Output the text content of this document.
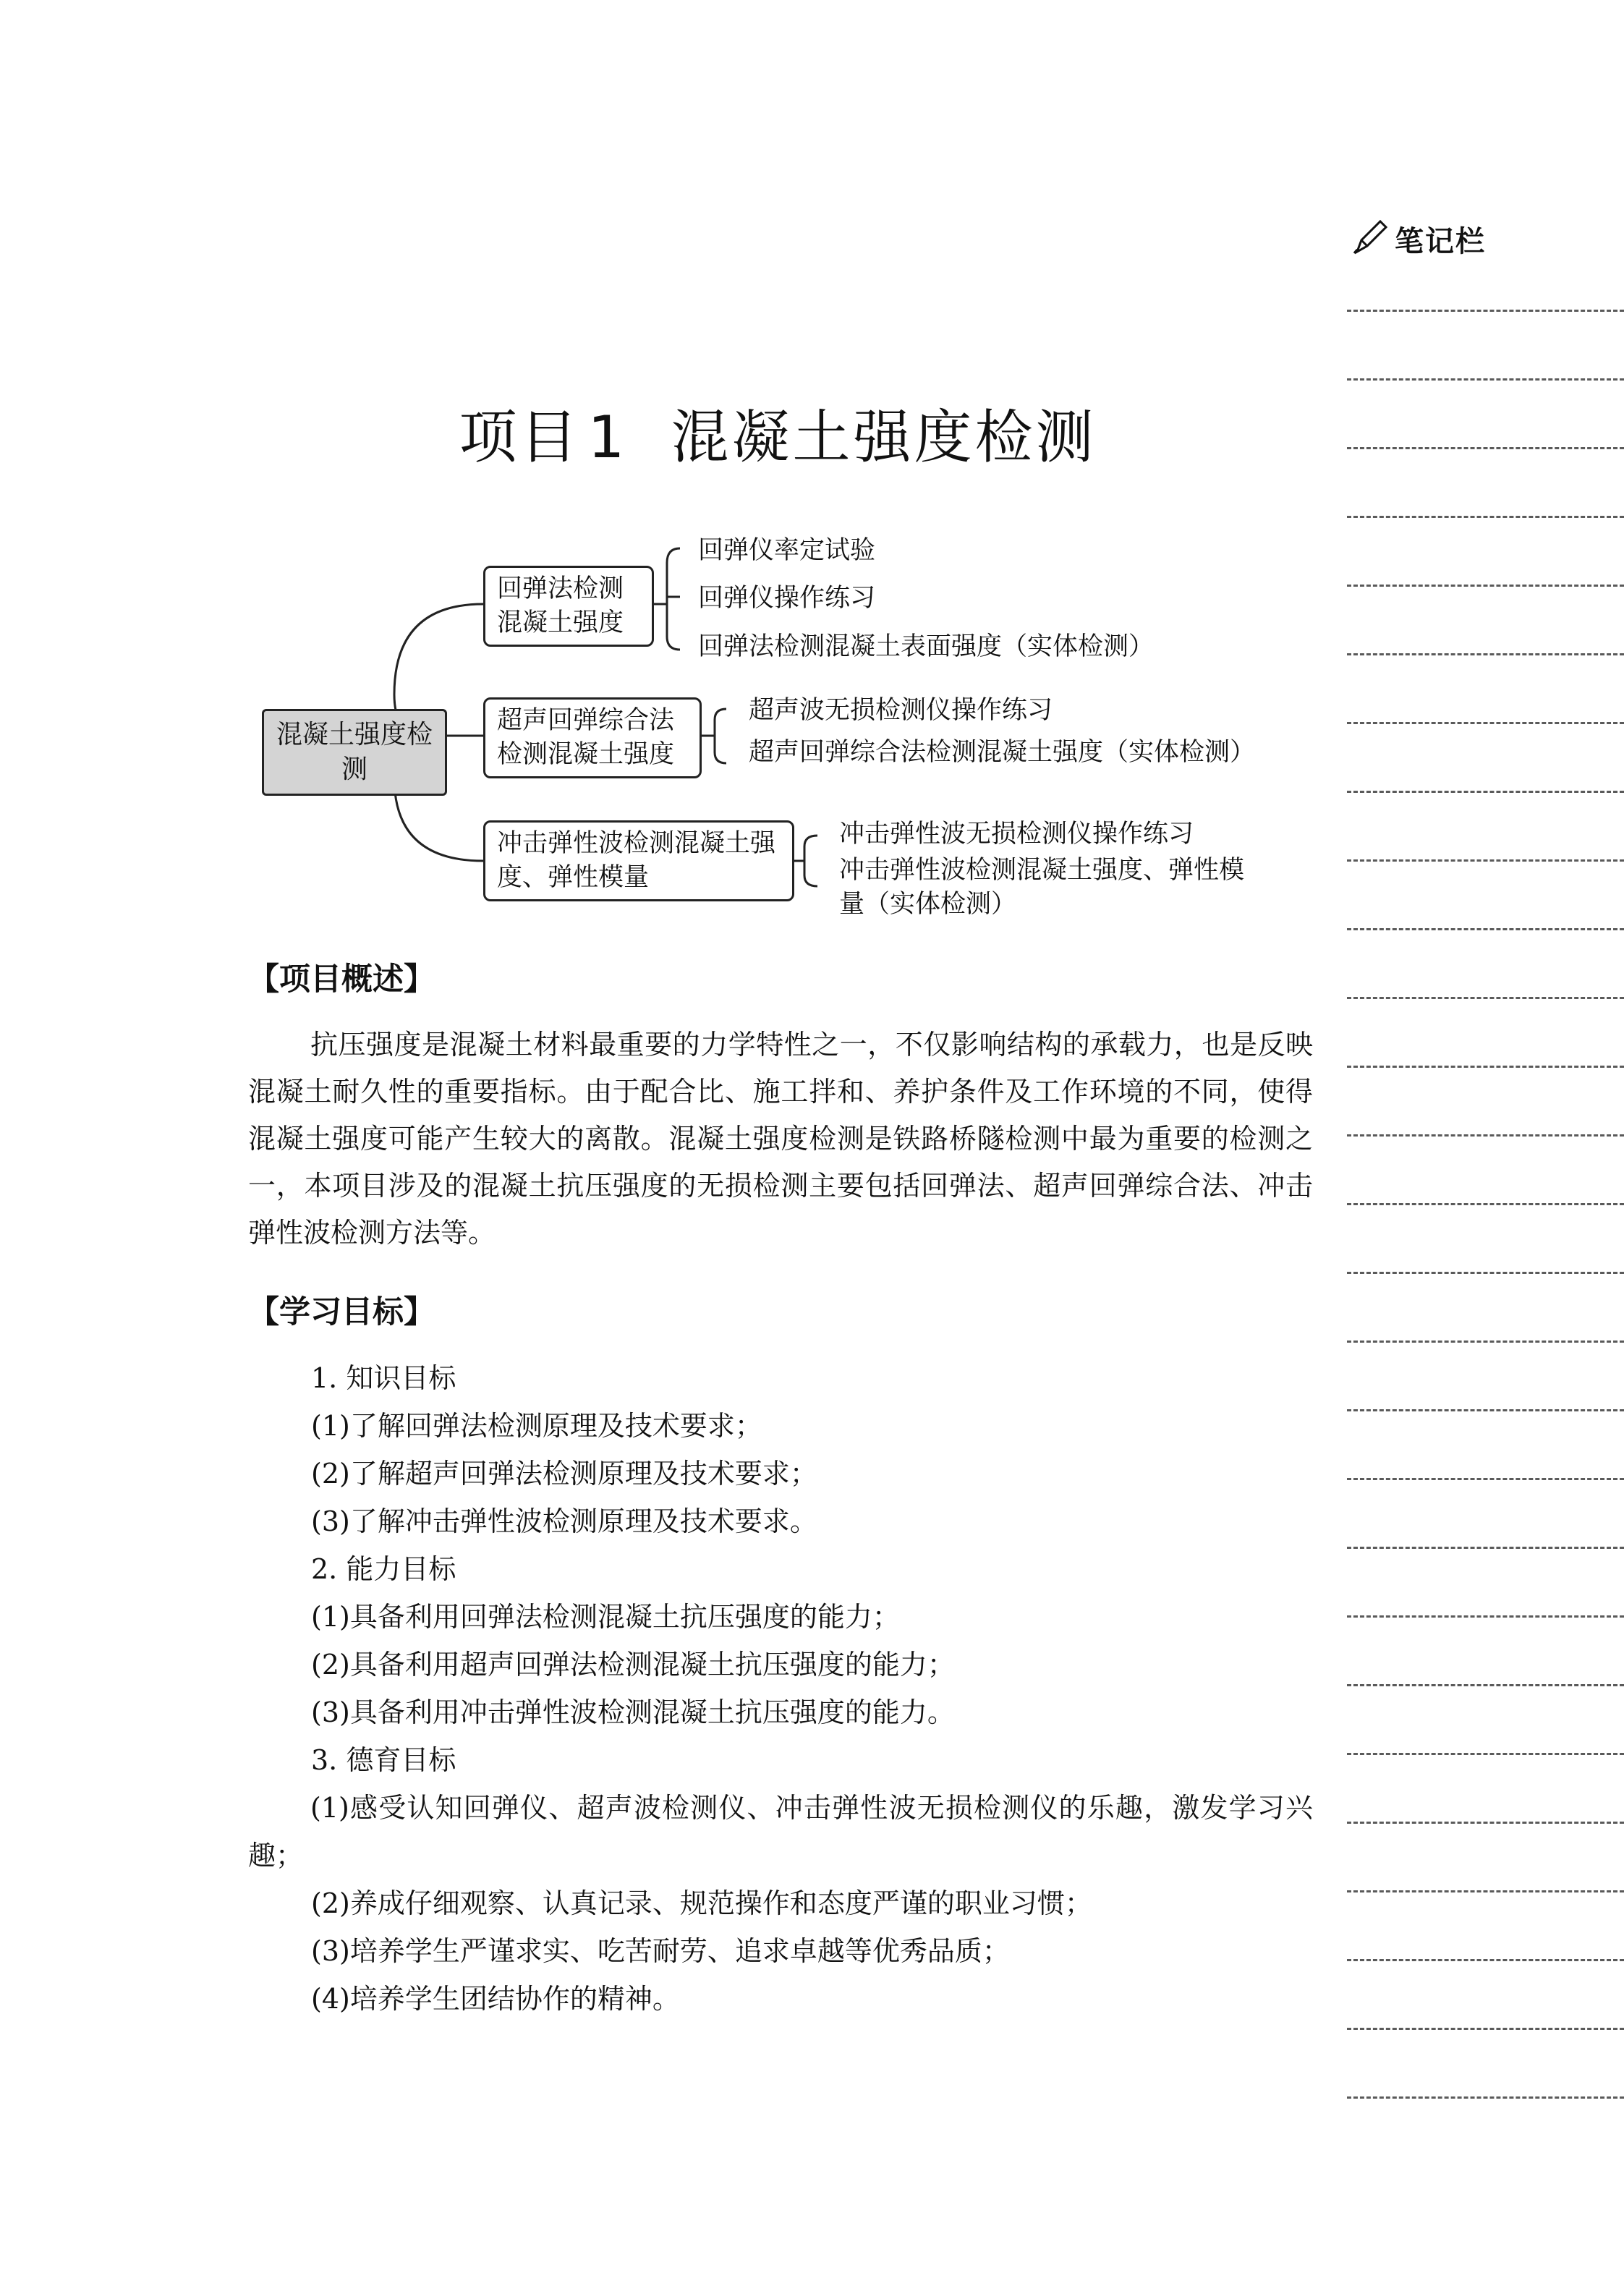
笔记栏
项目 1 混凝土强度检测
混凝土强度检测
回弹法检测混凝土强度
超声回弹综合法检测混凝土强度
冲击弹性波检测混凝土强度、弹性模量
回弹仪率定试验
回弹仪操作练习
回弹法检测混凝土表面强度（实体检测）
超声波无损检测仪操作练习
超声回弹综合法检测混凝土强度（实体检测）
冲击弹性波无损检测仪操作练习
冲击弹性波检测混凝土强度、弹性模量（实体检测）
【项目概述】

抗压强度是混凝土材料最重要的力学特性之一，不仅影响结构的承载力，也是反映混凝土耐久性的重要指标。由于配合比、施工拌和、养护条件及工作环境的不同，使得混凝土强度可能产生较大的离散。混凝土强度检测是铁路桥隧检测中最为重要的检测之一，本项目涉及的混凝土抗压强度的无损检测主要包括回弹法、超声回弹综合法、冲击弹性波检测方法等。

【学习目标】
1. 知识目标
(1)了解回弹法检测原理及技术要求；
(2)了解超声回弹法检测原理及技术要求；
(3)了解冲击弹性波检测原理及技术要求。
2. 能力目标
(1)具备利用回弹法检测混凝土抗压强度的能力；
(2)具备利用超声回弹法检测混凝土抗压强度的能力；
(3)具备利用冲击弹性波检测混凝土抗压强度的能力。
3. 德育目标

(1)感受认知回弹仪、超声波检测仪、冲击弹性波无损检测仪的乐趣，激发学习兴趣；

(2)养成仔细观察、认真记录、规范操作和态度严谨的职业习惯；
(3)培养学生严谨求实、吃苦耐劳、追求卓越等优秀品质；
(4)培养学生团结协作的精神。
